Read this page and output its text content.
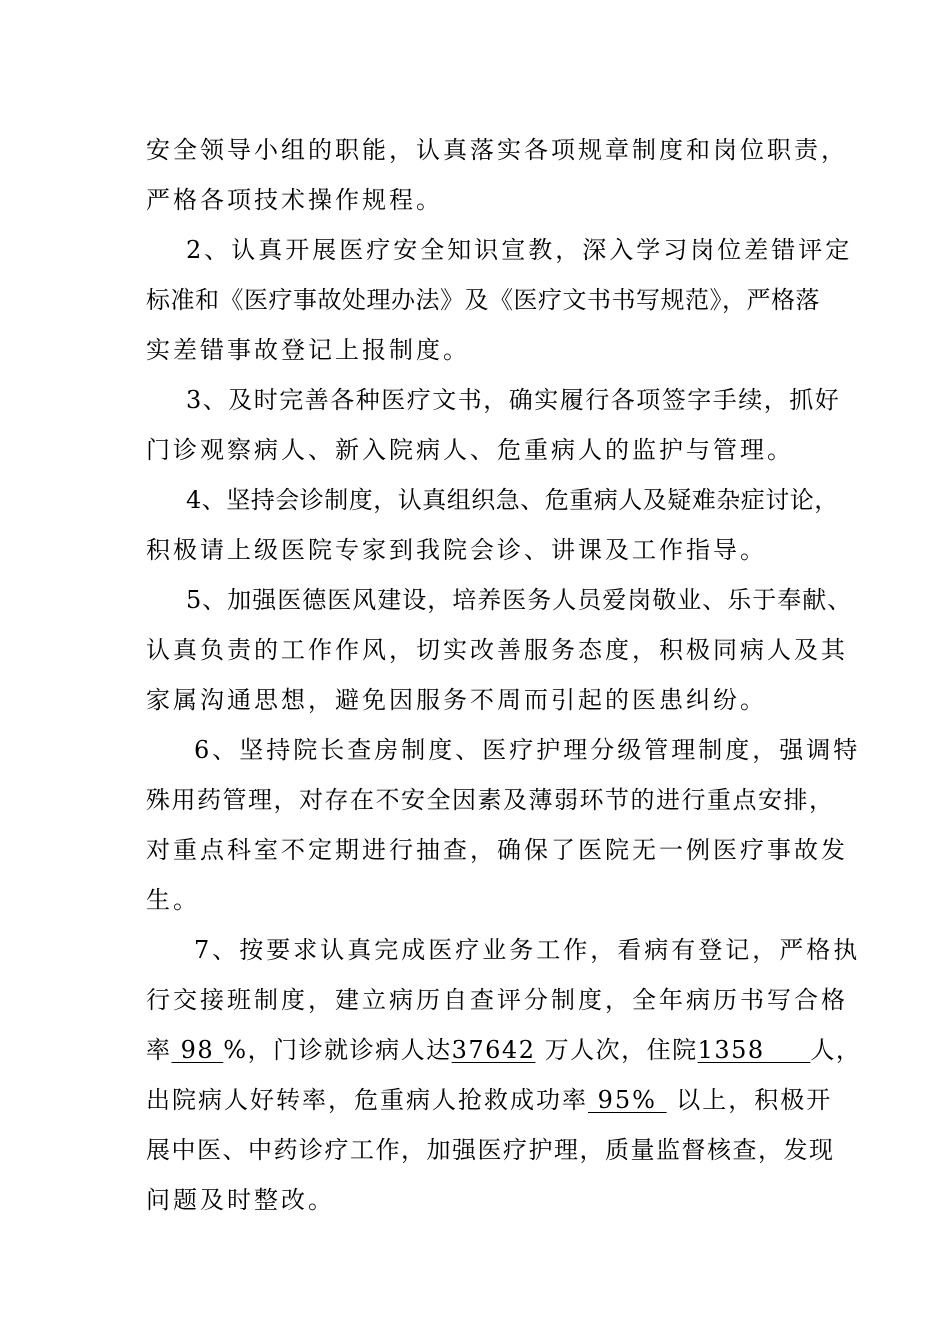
安全领导小组的职能，认真落实各项规章制度和岗位职责，
严格各项技术操作规程。
2、认真开展医疗安全知识宣教，深入学习岗位差错评定
标准和《医疗事故处理办法》及《医疗文书书写规范》，严格落
实差错事故登记上报制度。
3、及时完善各种医疗文书，确实履行各项签字手续，抓好
门诊观察病人、新入院病人、危重病人的监护与管理。
4、坚持会诊制度，认真组织急、危重病人及疑难杂症讨论，
积极请上级医院专家到我院会诊、讲课及工作指导。
5、加强医德医风建设，培养医务人员爱岗敬业、乐于奉献、
认真负责的工作作风，切实改善服务态度，积极同病人及其
家属沟通思想，避免因服务不周而引起的医患纠纷。
6、坚持院长查房制度、医疗护理分级管理制度，强调特
殊用药管理，对存在不安全因素及薄弱环节的进行重点安排，
对重点科室不定期进行抽查，确保了医院无一例医疗事故发
生。
7、按要求认真完成医疗业务工作，看病有登记，严格执
行交接班制度，建立病历自查评分制度，全年病历书写合格
率 98 %，门诊就诊病人达37642 万人次，住院1358     人，
出院病人好转率，危重病人抢救成功率 95%  以上，积极开
展中医、中药诊疗工作，加强医疗护理，质量监督核查，发现
问题及时整改。
